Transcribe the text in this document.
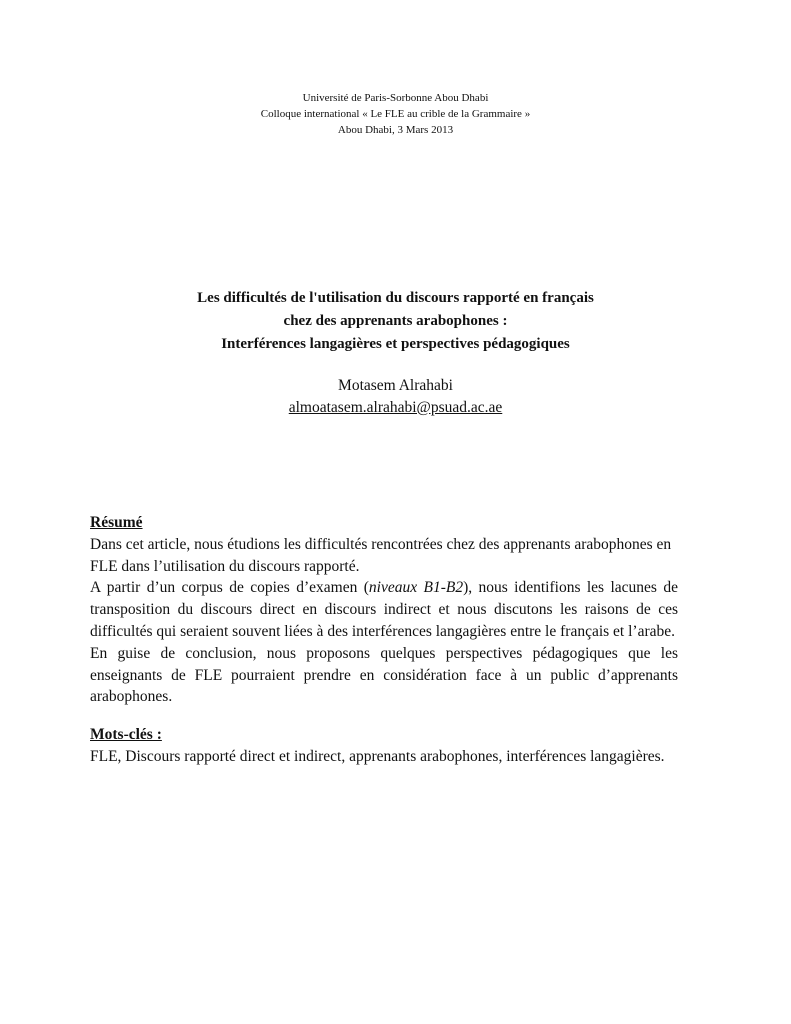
Université de Paris-Sorbonne Abou Dhabi
Colloque international « Le FLE au crible de la Grammaire »
Abou Dhabi, 3 Mars 2013
Les difficultés de l'utilisation du discours rapporté en français
chez des apprenants arabophones :
Interférences langagières et perspectives pédagogiques
Motasem Alrahabi
almoatasem.alrahabi@psuad.ac.ae
Résumé

Dans cet article, nous étudions les difficultés rencontrées chez des apprenants arabophones en FLE dans l’utilisation du discours rapporté.

A partir d’un corpus de copies d’examen (niveaux B1-B2), nous identifions les lacunes de transposition du discours direct en discours indirect et nous discutons les raisons de ces difficultés qui seraient souvent liées à des interférences langagières entre le français et l’arabe.

En guise de conclusion, nous proposons quelques perspectives pédagogiques que les enseignants de FLE pourraient prendre en considération face à un public d’apprenants arabophones.

Mots-clés :

FLE, Discours rapporté direct et indirect, apprenants arabophones, interférences langagières.
